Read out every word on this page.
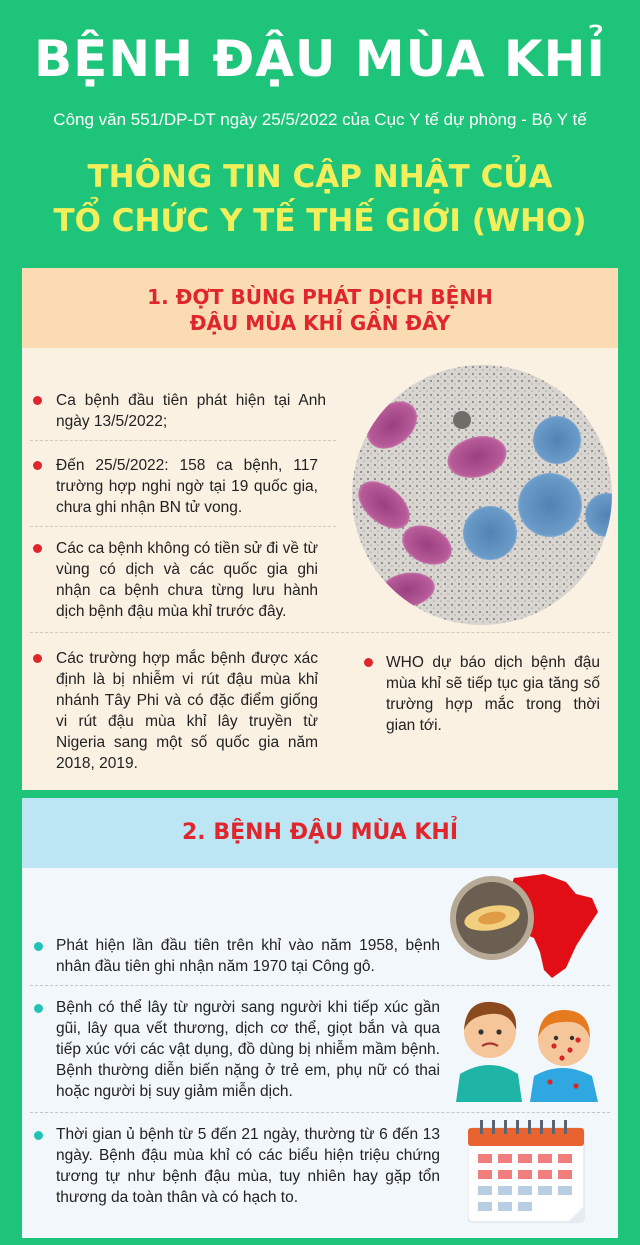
BỆNH ĐẬU MÙA KHỈ
Công văn 551/DP-DT ngày 25/5/2022 của Cục Y tế dự phòng - Bộ Y tế
THÔNG TIN CẬP NHẬT CỦA
TỔ CHỨC Y TẾ THẾ GIỚI (WHO)
1. ĐỢT BÙNG PHÁT DỊCH BỆNH
ĐẬU MÙA KHỈ GẦN ĐÂY
Ca bệnh đầu tiên phát hiện tại Anh ngày 13/5/2022;
Đến 25/5/2022: 158 ca bệnh, 117 trường hợp nghi ngờ tại 19 quốc gia, chưa ghi nhận BN tử vong.
Các ca bệnh không có tiền sử đi về từ vùng có dịch và các quốc gia ghi nhận ca bệnh chưa từng lưu hành dịch bệnh đậu mùa khỉ trước đây.
Các trường hợp mắc bệnh được xác định là bị nhiễm vi rút đậu mùa khỉ nhánh Tây Phi và có đặc điểm giống vi rút đậu mùa khỉ lây truyền từ Nigeria sang một số quốc gia năm 2018, 2019.
WHO dự báo dịch bệnh đậu mùa khỉ sẽ tiếp tục gia tăng số trường hợp mắc trong thời gian tới.
2. BỆNH ĐẬU MÙA KHỈ
Phát hiện lần đầu tiên trên khỉ vào năm 1958, bệnh nhân đầu tiên ghi nhận năm 1970 tại Công gô.
Bệnh có thể lây từ người sang người khi tiếp xúc gần gũi, lây qua vết thương, dịch cơ thể, giọt bắn và qua tiếp xúc với các vật dụng, đồ dùng bị nhiễm mầm bệnh. Bệnh thường diễn biến nặng ở trẻ em, phụ nữ có thai hoặc người bị suy giảm miễn dịch.
Thời gian ủ bệnh từ 5 đến 21 ngày, thường từ 6 đến 13 ngày. Bệnh đậu mùa khỉ có các biểu hiện triệu chứng tương tự như bệnh đậu mùa, tuy nhiên hay gặp tổn thương da toàn thân và có hạch to.
